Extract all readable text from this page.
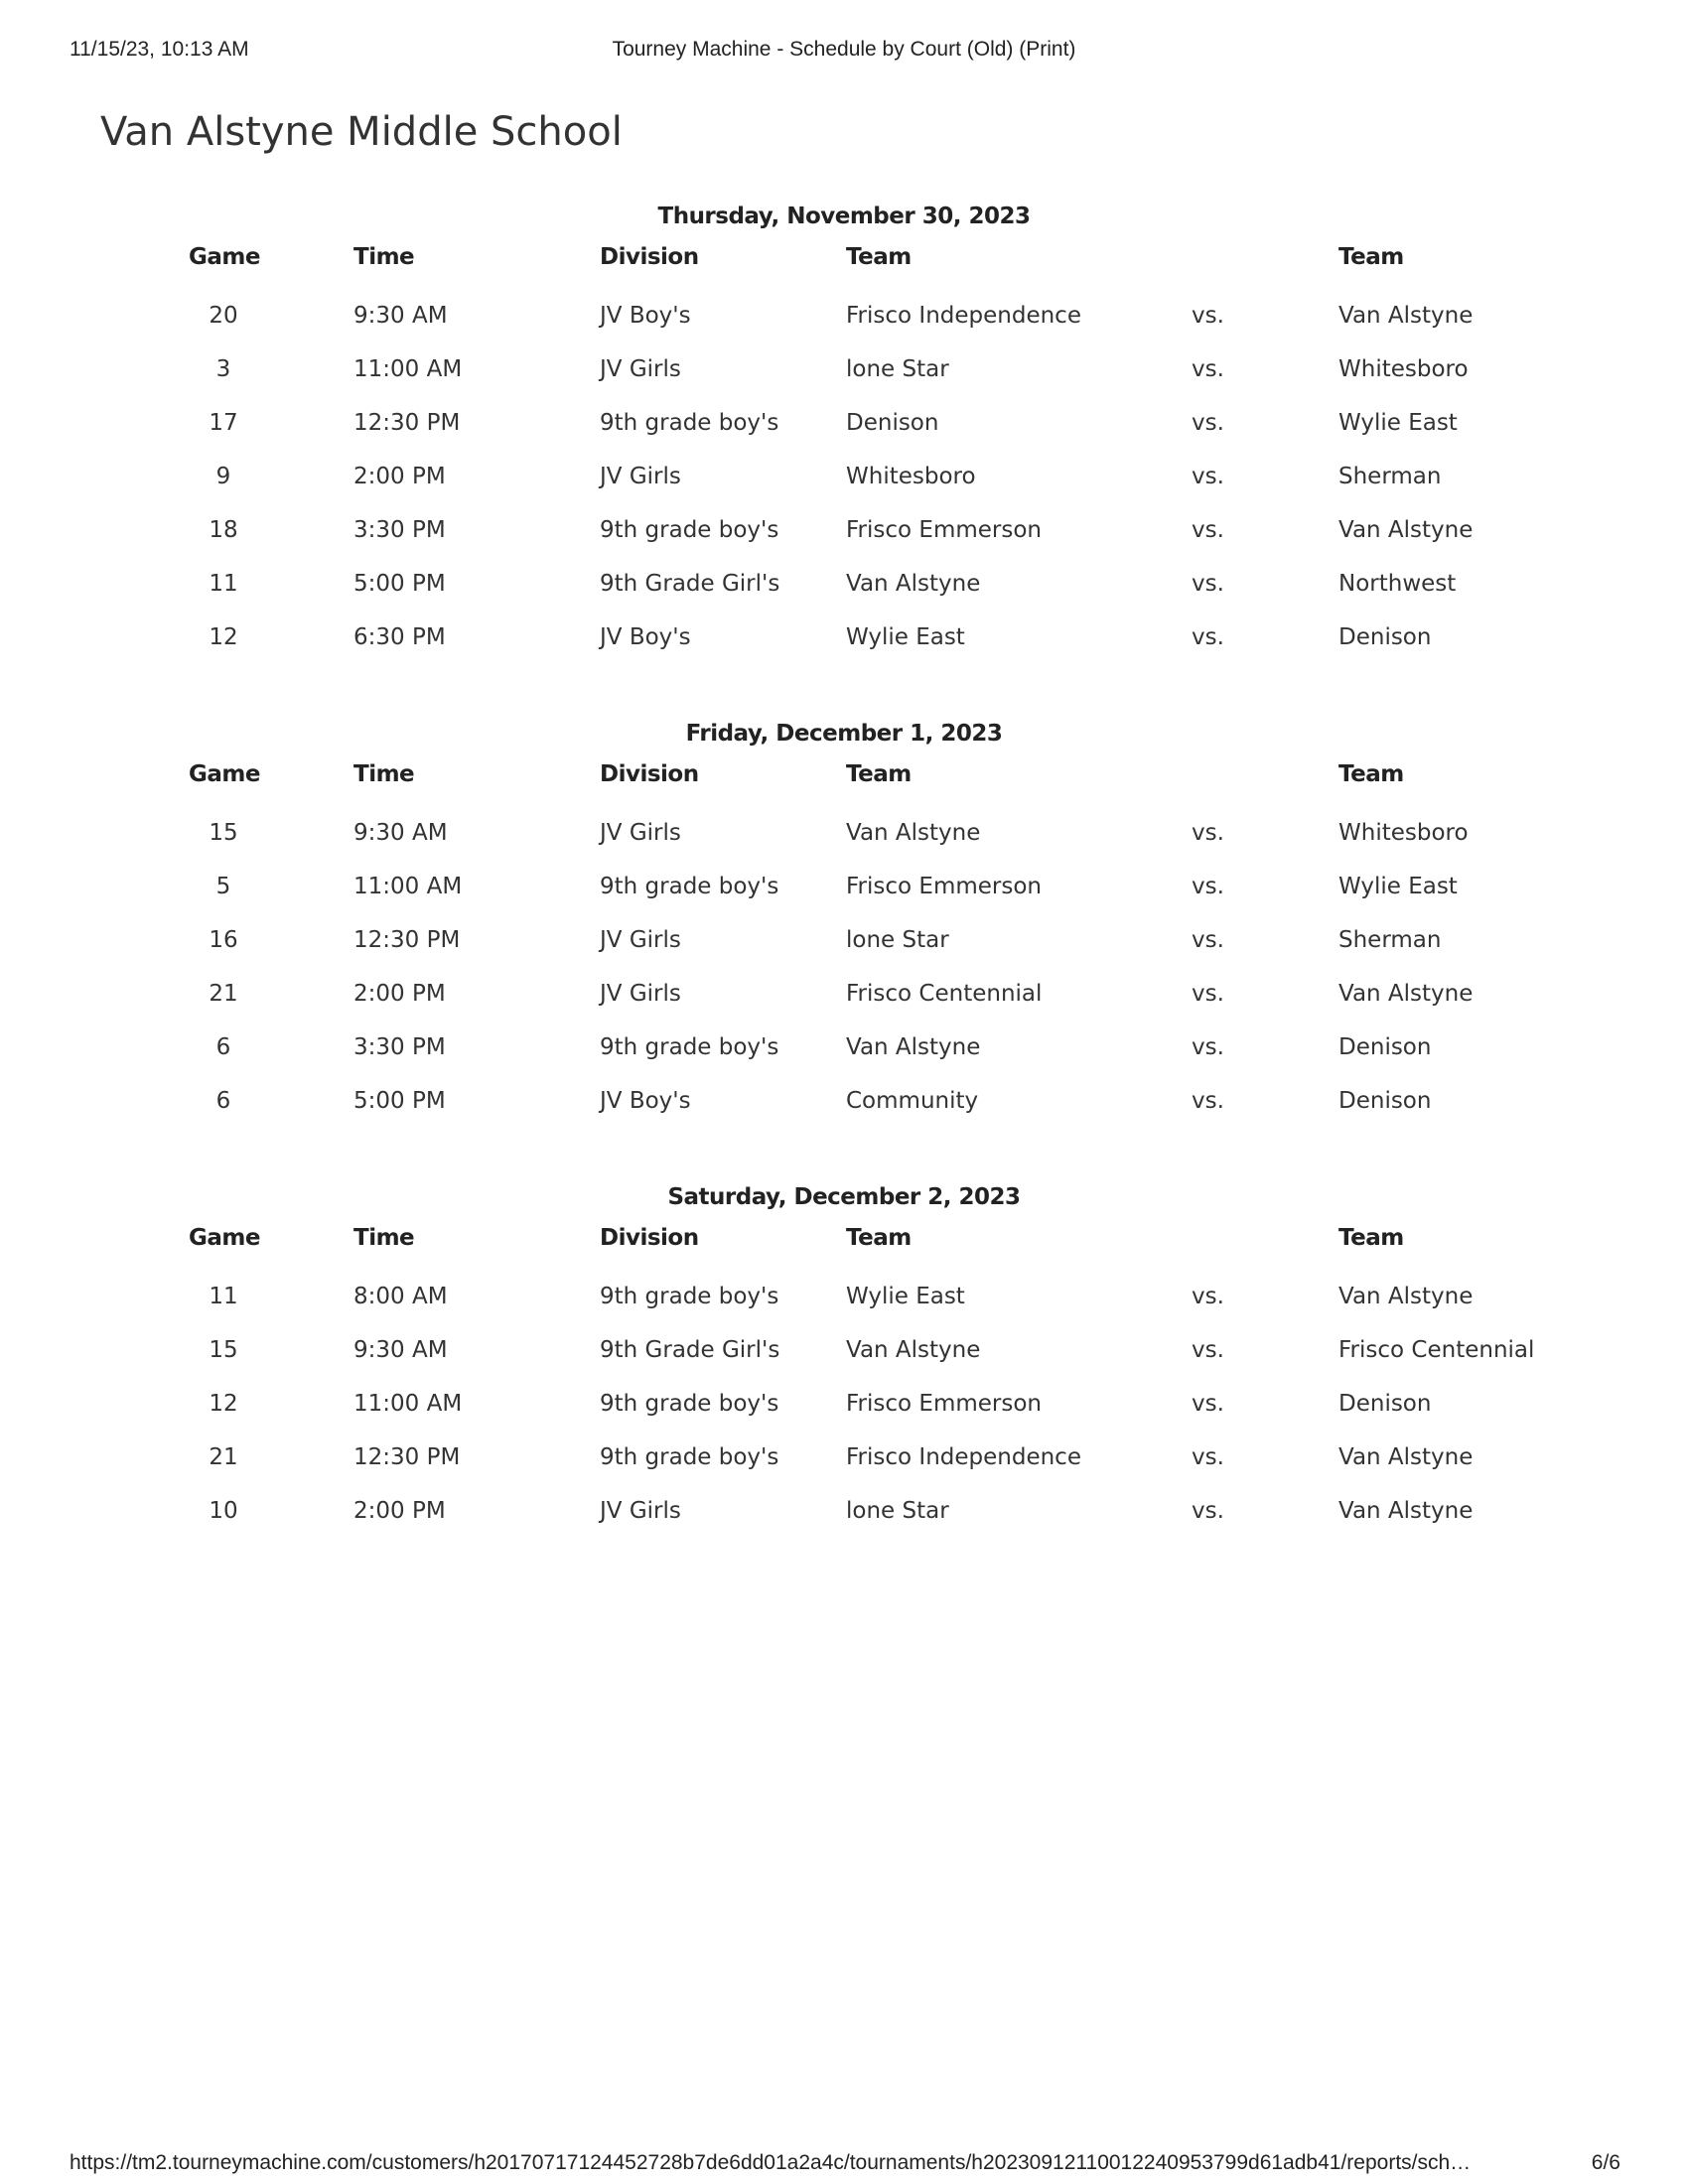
11/15/23, 10:13 AM	Tourney Machine - Schedule by Court (Old) (Print)
Van Alstyne Middle School
Thursday, November 30, 2023
Game	Time	Division	Team		Team
20	9:30 AM	JV Boy's	Frisco Independence	vs.	Van Alstyne
3	11:00 AM	JV Girls	lone Star	vs.	Whitesboro
17	12:30 PM	9th grade boy's	Denison	vs.	Wylie East
9	2:00 PM	JV Girls	Whitesboro	vs.	Sherman
18	3:30 PM	9th grade boy's	Frisco Emmerson	vs.	Van Alstyne
11	5:00 PM	9th Grade Girl's	Van Alstyne	vs.	Northwest
12	6:30 PM	JV Boy's	Wylie East	vs.	Denison
Friday, December 1, 2023
Game	Time	Division	Team		Team
15	9:30 AM	JV Girls	Van Alstyne	vs.	Whitesboro
5	11:00 AM	9th grade boy's	Frisco Emmerson	vs.	Wylie East
16	12:30 PM	JV Girls	lone Star	vs.	Sherman
21	2:00 PM	JV Girls	Frisco Centennial	vs.	Van Alstyne
6	3:30 PM	9th grade boy's	Van Alstyne	vs.	Denison
6	5:00 PM	JV Boy's	Community	vs.	Denison
Saturday, December 2, 2023
Game	Time	Division	Team		Team
11	8:00 AM	9th grade boy's	Wylie East	vs.	Van Alstyne
15	9:30 AM	9th Grade Girl's	Van Alstyne	vs.	Frisco Centennial
12	11:00 AM	9th grade boy's	Frisco Emmerson	vs.	Denison
21	12:30 PM	9th grade boy's	Frisco Independence	vs.	Van Alstyne
10	2:00 PM	JV Girls	lone Star	vs.	Van Alstyne
https://tm2.tourneymachine.com/customers/h20170717124452728b7de6dd01a2a4c/tournaments/h2023091211001224095379​9d61adb41/reports/sch…	6/6
